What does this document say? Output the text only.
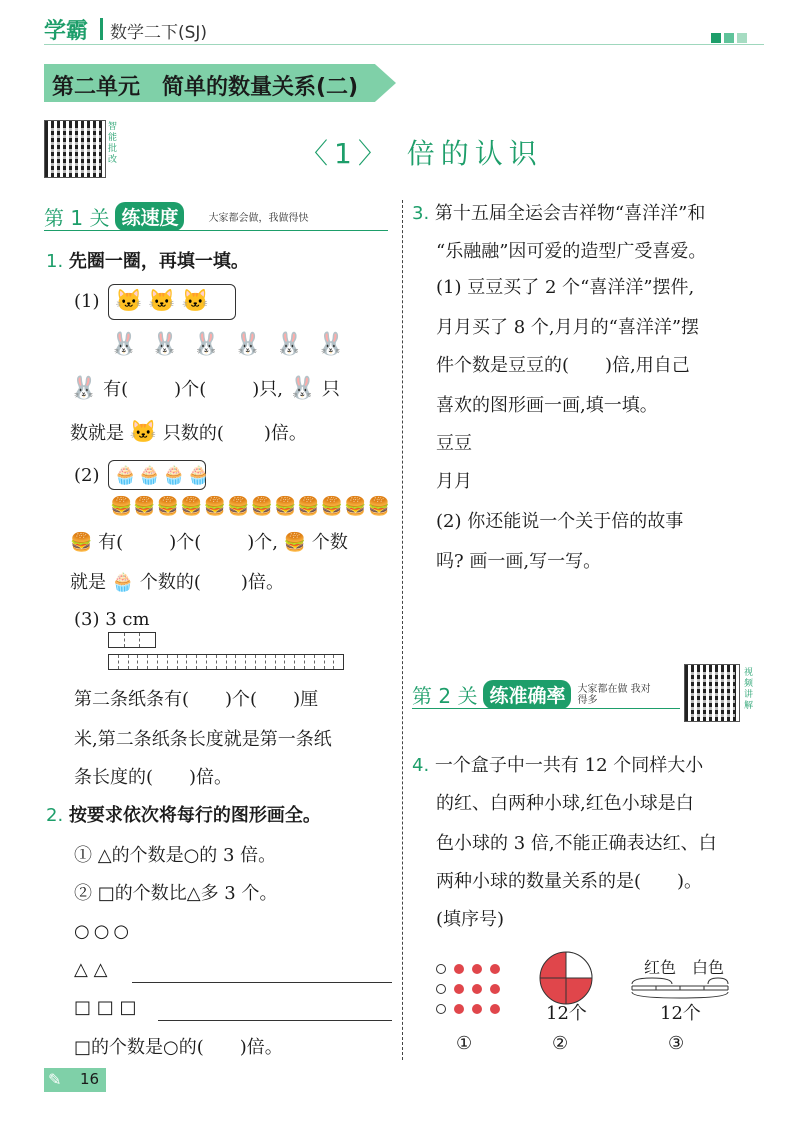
学霸 数学二下(SJ)
第二单元　简单的数量关系(二)
智能批改	〈1〉 倍的认识
第 1 关 练速度	大家都会做，我做得快
1. 先圈一圈，再填一填。
(1) 🐱 🐱 🐱
🐰 🐰 🐰 🐰 🐰 🐰
🐰 有(	)个(	)只, 🐰 只
数就是 🐱 只数的( )倍。
(2) 🧁 🧁 🧁 🧁
🍔 🍔 🍔 🍔 🍔 🍔 🍔 🍔 🍔 🍔 🍔 🍔
🍔 有(	)个(	)个, 🍔 个数
就是 🧁 个数的( )倍。
(3) 3 cm
第二条纸条有(　　)个(　　)厘
米,第二条纸条长度就是第一条纸
条长度的(　　)倍。
2. 按要求依次将每行的图形画全。
① △的个数是○的 3 倍。
② □的个数比△多 3 个。
○○○
△ △
□ □ □
□的个数是○的(　　)倍。
3. 第十五届全运会吉祥物“喜洋洋”和
“乐融融”因可爱的造型广受喜爱。
(1) 豆豆买了 2 个“喜洋洋”摆件,
月月买了 8 个,月月的“喜洋洋”摆
件个数是豆豆的(　　)倍,用自己
喜欢的图形画一画,填一填。
豆豆
月月
(2) 你还能说一个关于倍的故事
吗? 画一画,写一写。
第 2 关 练准确率	大家都在做 我对得多
视频讲解
4. 一个盒子中一共有 12 个同样大小
的红、白两种小球,红色小球是白
色小球的 3 倍,不能正确表达红、白
两种小球的数量关系的是(　　)。
(填序号)
①
12个
②
红色 白色
12个
③
✎ 16
